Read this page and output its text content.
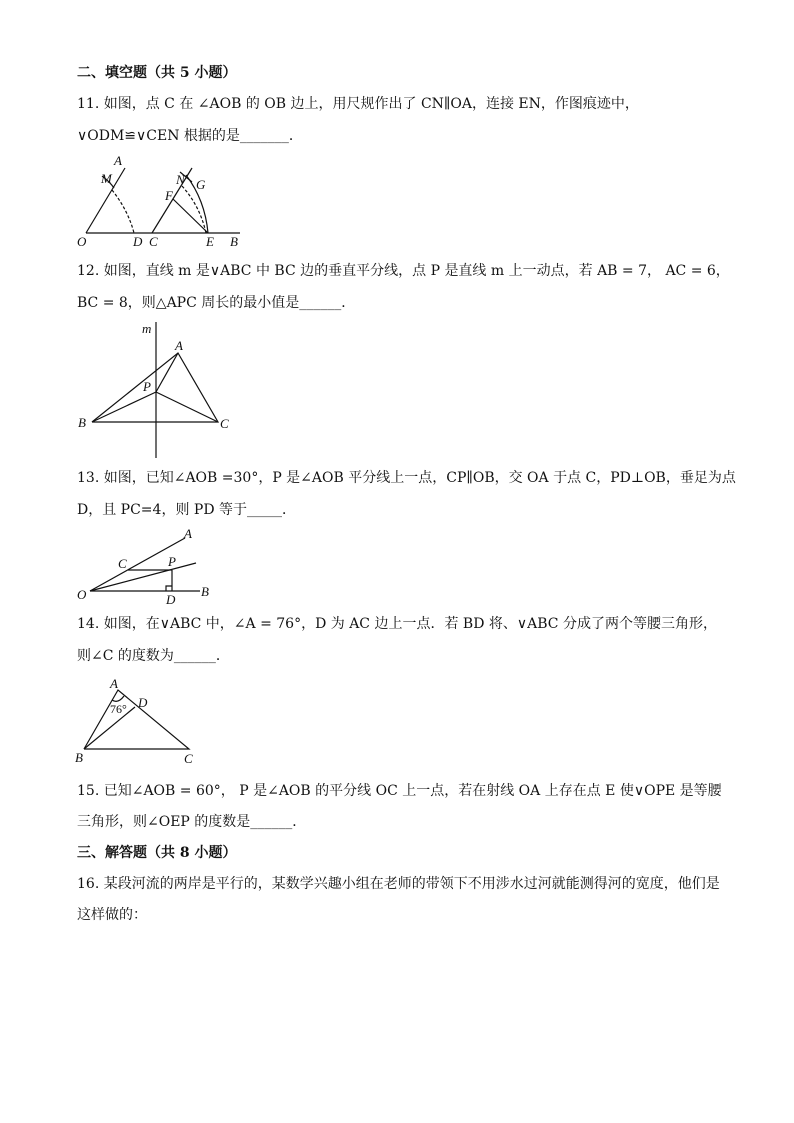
二、填空题（共 5 小题）
11. 如图，点 C 在 ∠AOB 的 OB 边上，用尺规作出了 CN∥OA，连接 EN，作图痕迹中，
∨ODM≌∨CEN 根据的是_______．
A
M	N G
F
O	D C	E B
12. 如图，直线 m 是∨ABC 中 BC 边的垂直平分线，点 P 是直线 m 上一动点，若 AB = 7， AC = 6，
BC = 8，则△APC 周长的最小值是______．
m
A
P
B	C
13. 如图，已知∠AOB =30°，P 是∠AOB 平分线上一点，CP∥OB，交 OA 于点 C，PD⊥OB，垂足为点
D，且 PC=4，则 PD 等于_____．
A
C	P
O	D
B
14. 如图，在∨ABC 中，∠A = 76°，D 为 AC 边上一点．若 BD 将、∨ABC 分成了两个等腰三角形，
则∠C 的度数为______．
A
D
76°
B	C
15. 已知∠AOB = 60°， P 是∠AOB 的平分线 OC 上一点，若在射线 OA 上存在点 E 使∨OPE 是等腰
三角形，则∠OEP 的度数是______．
三、解答题（共 8 小题）
16. 某段河流的两岸是平行的，某数学兴趣小组在老师的带领下不用涉水过河就能测得河的宽度，他们是
这样做的：
